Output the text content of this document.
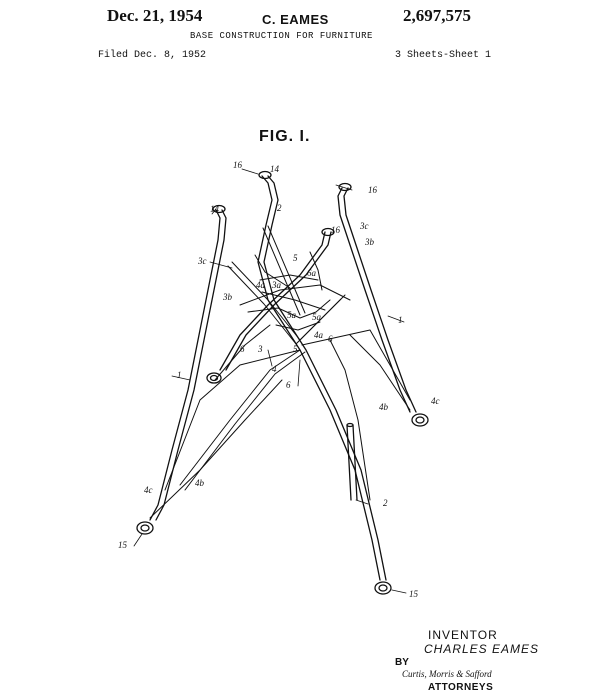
Dec. 21, 1954	C. EAMES	2,697,575
BASE CONSTRUCTION FOR FURNITURE
Filed Dec. 8, 1952	3 Sheets-Sheet 1
FIG. I.
16	14
2
16
14
3c
16
3c
3b
5
6a
4a 3a
3b
5a 5a
6 3	5
4a 6
1
4
1
6
4b
4c
4c
4b
2
15
15
INVENTOR
CHARLES EAMES
BY
Curtis, Morris & Safford
ATTORNEYS
